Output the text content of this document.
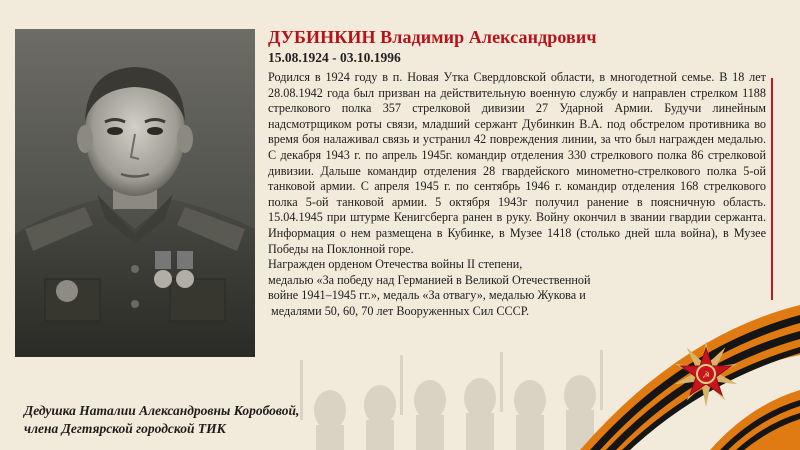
ДУБИНКИН Владимир Александрович
15.08.1924 - 03.10.1996

Родился в 1924 году в п. Новая Утка Свердловской области, в многодетной семье. В 18 лет 28.08.1942 года был призван на действительную военную службу и направлен стрелком 1188 стрелкового полка 357 стрелковой дивизии 27 Ударной Армии. Будучи линейным надсмотрщиком роты связи, младший сержант Дубинкин В.А. под обстрелом противника во время боя налаживал связь и устранил 42 повреждения линии, за что был награжден медалью. С декабря 1943 г. по апрель 1945г. командир отделения 330 стрелкового полка 86 стрелковой дивизии. Дальше командир отделения 28 гвардейского минометно-стрелкового полка 5-ой танковой армии. С апреля 1945 г. по сентябрь 1946 г. командир отделения 168 стрелкового полка 5-ой танковой армии. 5 октября 1943г получил ранение в поясничную область. 15.04.1945 при штурме Кенигсберга ранен в руку. Войну окончил в звании гвардии сержанта. Информация о нем размещена в Кубинке, в Музее 1418 (столько дней шла война), в Музее Победы на Поклонной горе.

Награжден орденом Отечества войны II степени,

медалью «За победу над Германией в Великой Отечественной

войне 1941–1945 гг.», медаль «За отвагу», медалью Жукова и

медалями 50, 60, 70 лет Вооруженных Сил СССР.

☭
Дедушка Наталии Александровны Коробовой,
члена Дегтярской городской ТИК
